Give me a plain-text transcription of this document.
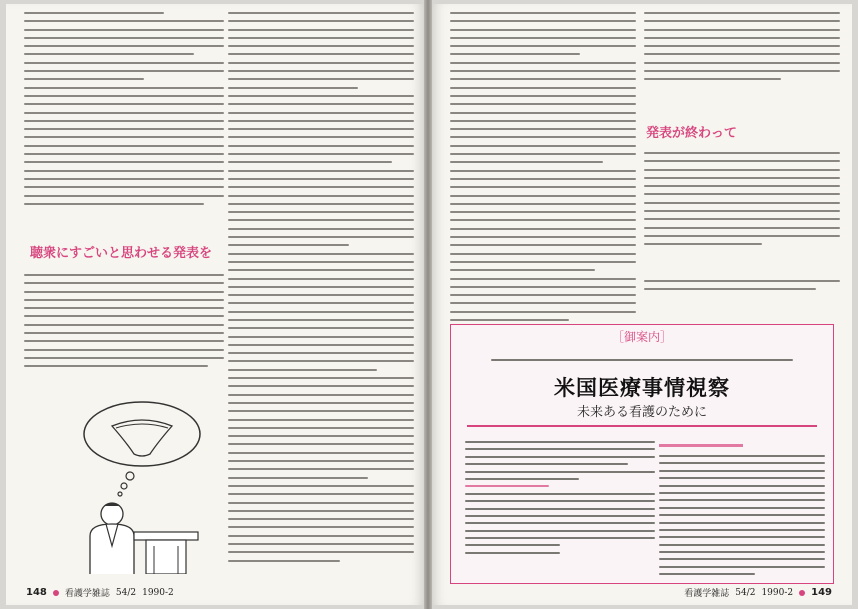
聴衆にすごいと思わせる発表を
148 看護学雑誌 54/2 1990-2
発表が終わって
［御案内］
米国医療事情視察
未来ある看護のために
看護学雑誌 54/2 1990-2 149
